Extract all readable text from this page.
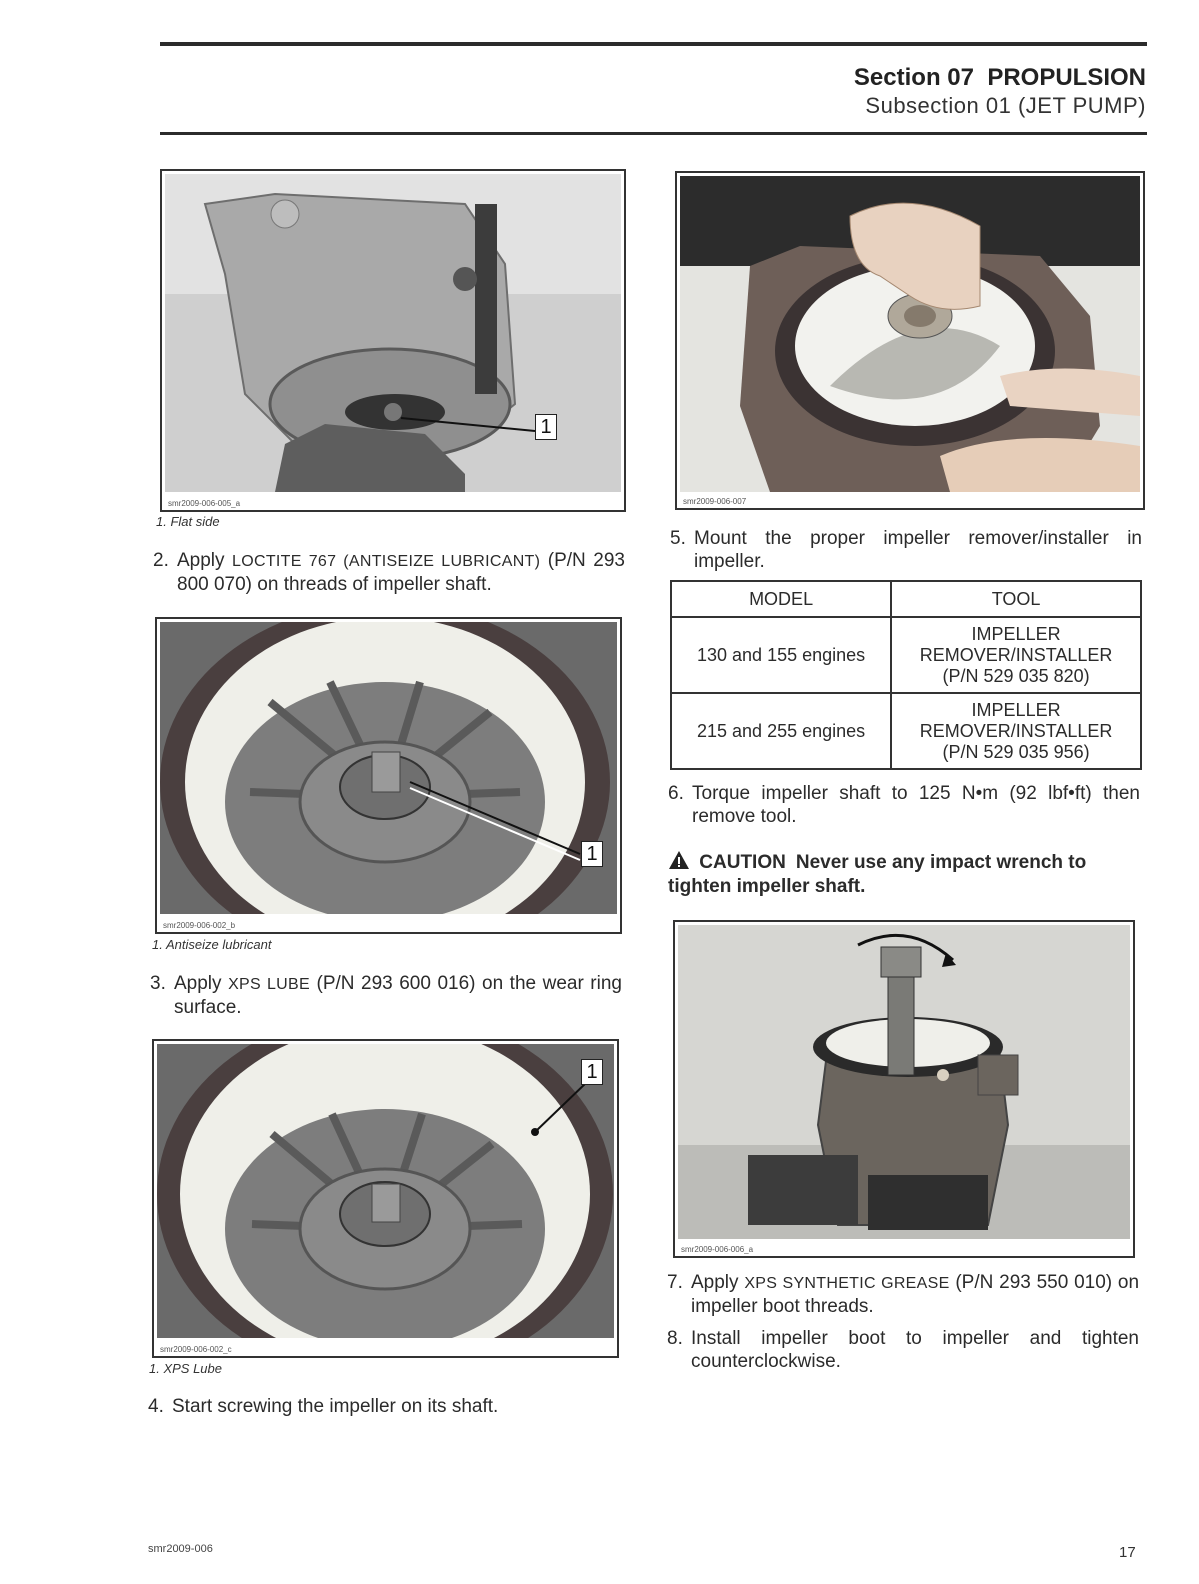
Section 07 PROPULSION
Subsection 01 (JET PUMP)
1
smr2009-006-005_a
1. Flat side
2. Apply LOCTITE 767 (ANTISEIZE LUBRICANT) (P/N 293 800 070) on threads of impeller shaft.
1
smr2009-006-002_b
1. Antiseize lubricant
3. Apply XPS LUBE (P/N 293 600 016) on the wear ring surface.
1
smr2009-006-002_c
1. XPS Lube
4. Start screwing the impeller on its shaft.
smr2009-006-007
5. Mount the proper impeller remover/installer in impeller.
MODEL	TOOL
130 and 155 engines	IMPELLER
REMOVER/INSTALLER
(P/N 529 035 820)

215 and 255 engines	IMPELLER
REMOVER/INSTALLER
(P/N 529 035 956)
6. Torque impeller shaft to 125 N•m (92 lbf•ft) then remove tool.
CAUTION Never use any impact wrench to tighten impeller shaft.
smr2009-006-006_a
7. Apply XPS SYNTHETIC GREASE (P/N 293 550 010) on impeller boot threads.
8. Install impeller boot to impeller and tighten counterclockwise.
smr2009-006	17
